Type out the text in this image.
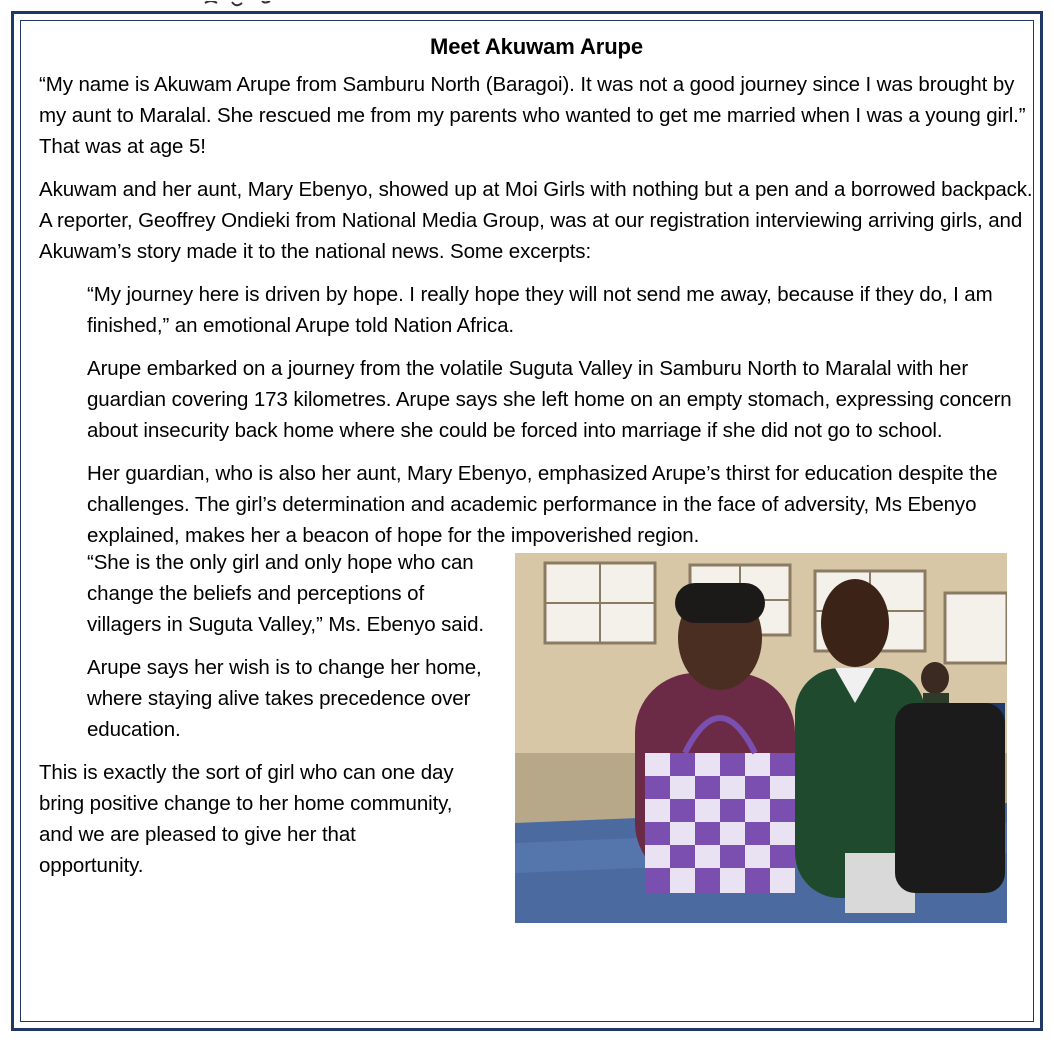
Meet Akuwam Arupe

“My name is Akuwam Arupe from Samburu North (Baragoi). It was not a good journey since I was brought by my aunt to Maralal. She rescued me from my parents who wanted to get me married when I was a young girl.” That was at age 5!

Akuwam and her aunt, Mary Ebenyo, showed up at Moi Girls with nothing but a pen and a borrowed backpack. A reporter, Geoffrey Ondieki from National Media Group, was at our registration interviewing arriving girls, and Akuwam’s story made it to the national news. Some excerpts:

“My journey here is driven by hope. I really hope they will not send me away, because if they do, I am finished,” an emotional Arupe told Nation Africa.

Arupe embarked on a journey from the volatile Suguta Valley in Samburu North to Maralal with her guardian covering 173 kilometres. Arupe says she left home on an empty stomach, expressing concern about insecurity back home where she could be forced into marriage if she did not go to school.

Her guardian, who is also her aunt, Mary Ebenyo, emphasized Arupe’s thirst for education despite the challenges. The girl’s determination and academic performance in the face of adversity, Ms Ebenyo explained, makes her a beacon of hope for the impoverished region.

“She is the only girl and only hope who can change the beliefs and perceptions of villagers in Suguta Valley,” Ms. Ebenyo said.

Arupe says her wish is to change her home, where staying alive takes precedence over education.

This is exactly the sort of girl who can one day bring positive change to her home community, and we are pleased to give her that opportunity.
